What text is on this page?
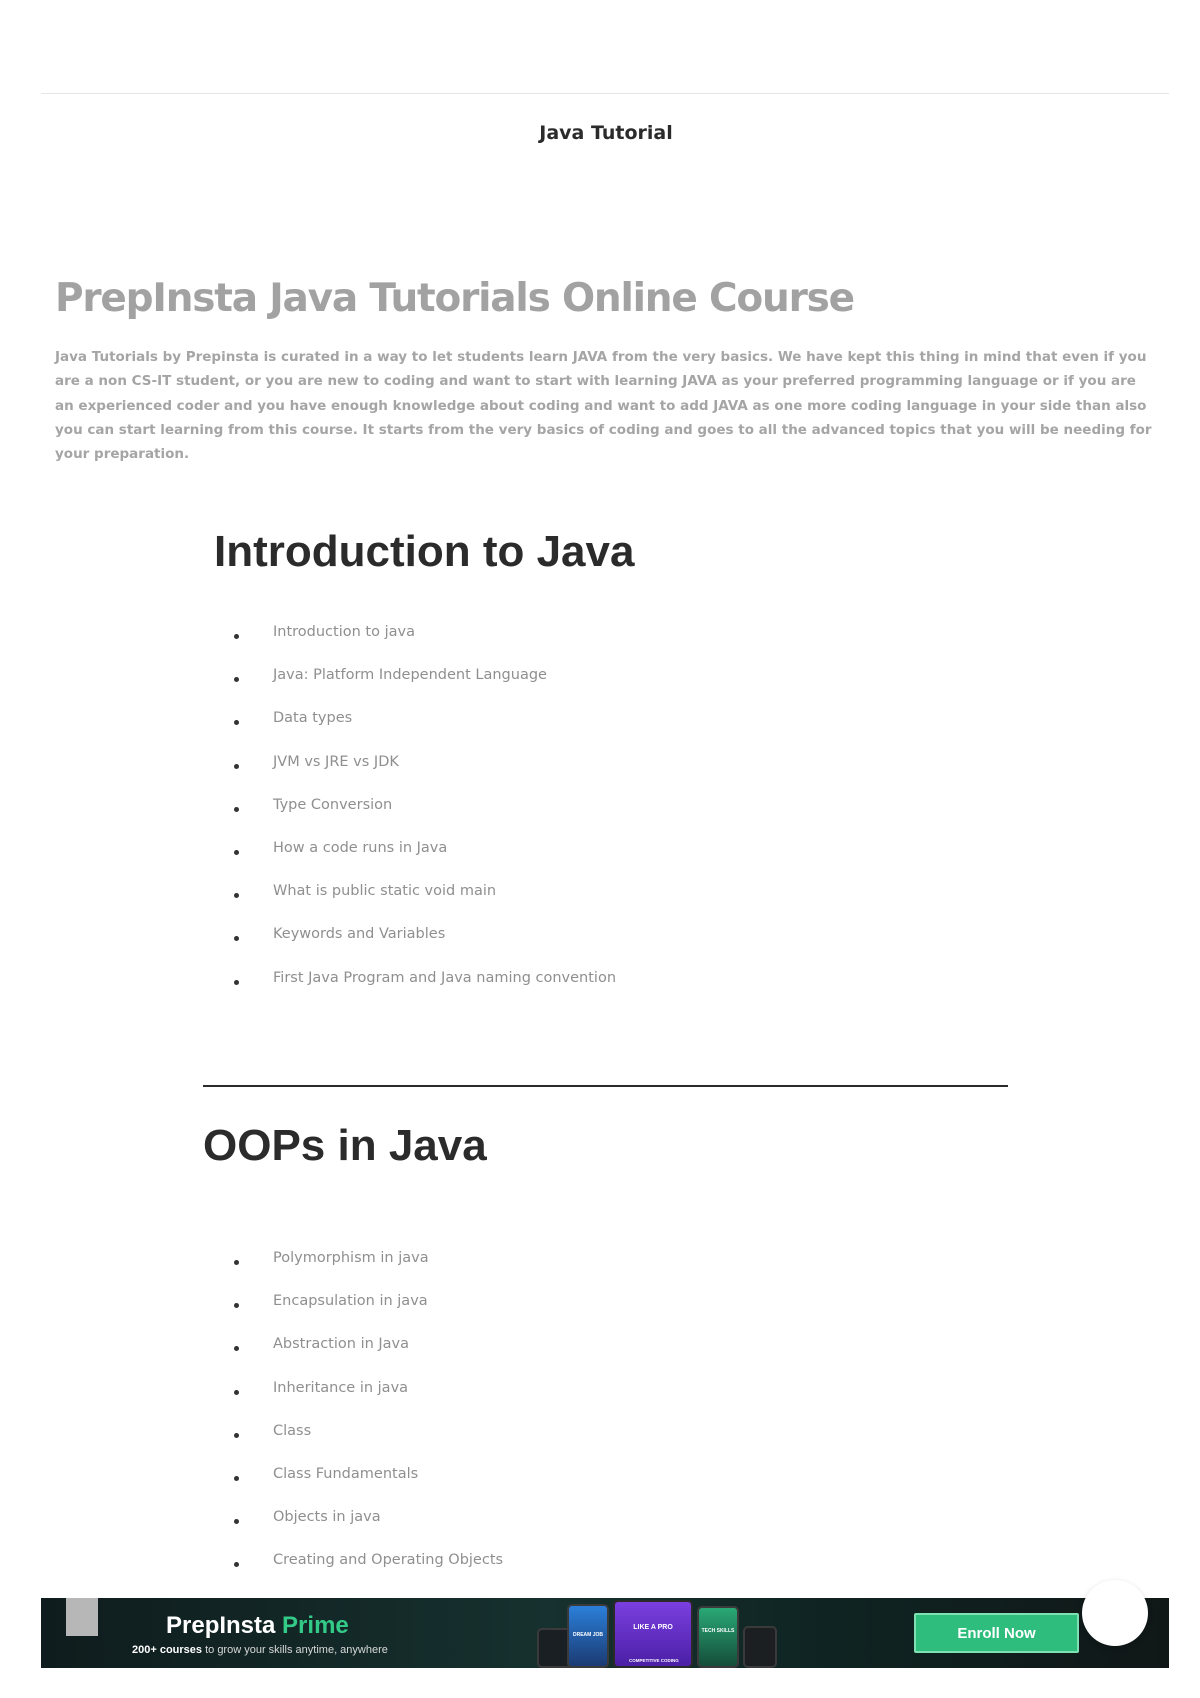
Java Tutorial
PrepInsta Java Tutorials Online Course

Java Tutorials by Prepinsta is curated in a way to let students learn JAVA from the very basics. We have kept this thing in mind that even if you are a non CS-IT student, or you are new to coding and want to start with learning JAVA as your preferred programming language or if you are an experienced coder and you have enough knowledge about coding and want to add JAVA as one more coding language in your side than also you can start learning from this course. It starts from the very basics of coding and goes to all the advanced topics that you will be needing for your preparation.

Introduction to Java
Introduction to java
Java: Platform Independent Language
Data types
JVM vs JRE vs JDK
Type Conversion
How a code runs in Java
What is public static void main
Keywords and Variables
First Java Program and Java naming convention
OOPs in Java
Polymorphism in java
Encapsulation in java
Abstraction in Java
Inheritance in java
Class
Class Fundamentals
Objects in java
Creating and Operating Objects
PrepInsta Prime
200+ courses to grow your skills anytime, anywhere
DREAM JOB
LIKE A PRO
COMPETITIVE CODING
TECH SKILLS	Enroll Now
